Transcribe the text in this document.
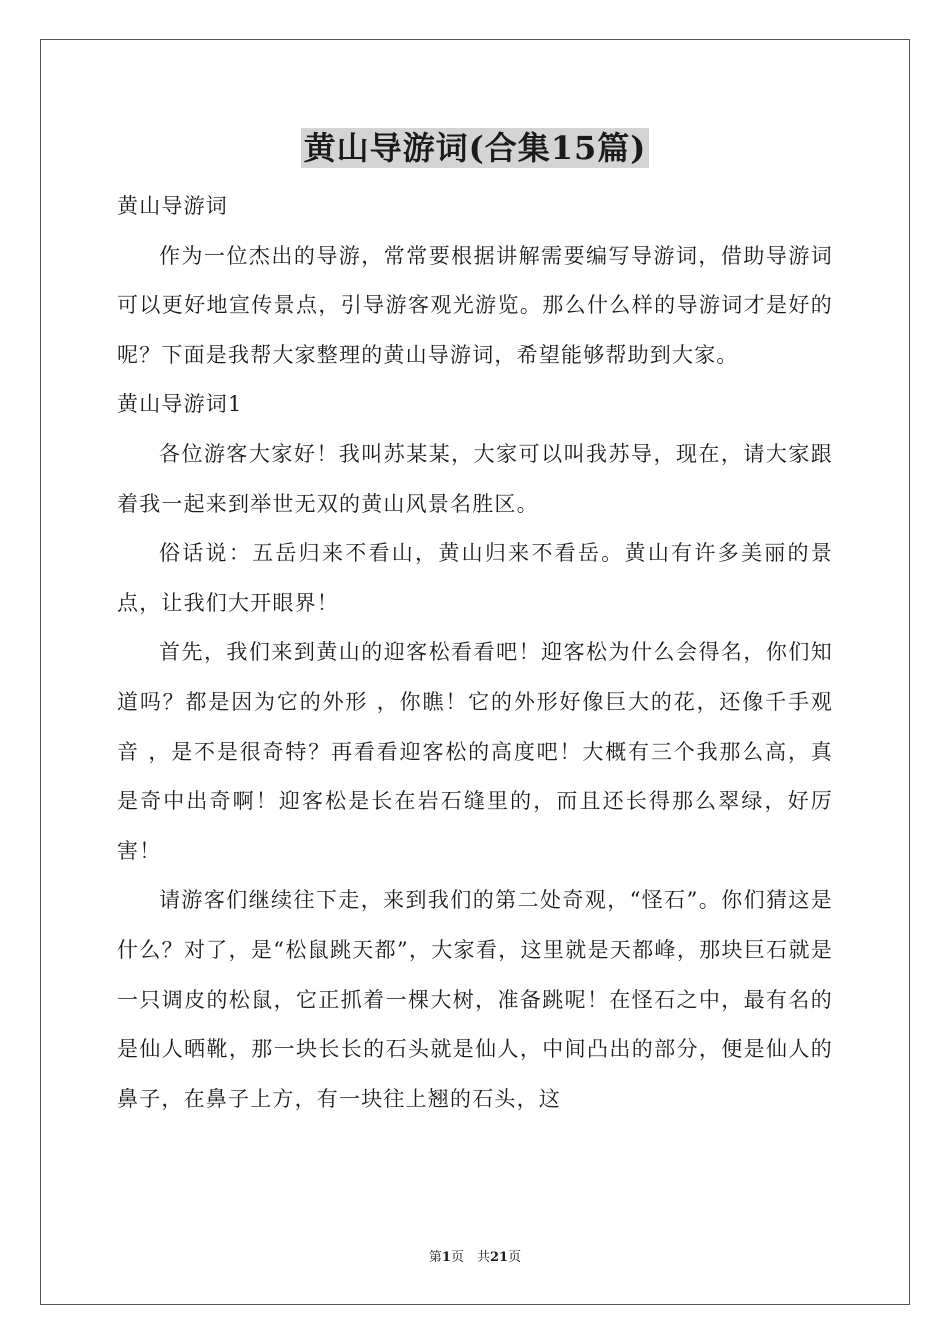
黄山导游词(合集15篇)

黄山导游词

作为一位杰出的导游，常常要根据讲解需要编写导游词，借助导游词可以更好地宣传景点，引导游客观光游览。那么什么样的导游词才是好的呢？下面是我帮大家整理的黄山导游词，希望能够帮助到大家。

黄山导游词1

各位游客大家好！我叫苏某某，大家可以叫我苏导，现在，请大家跟着我一起来到举世无双的黄山风景名胜区。

俗话说：五岳归来不看山，黄山归来不看岳。黄山有许多美丽的景点，让我们大开眼界！

首先，我们来到黄山的迎客松看看吧！迎客松为什么会得名，你们知道吗？都是因为它的外形 ，你瞧！它的外形好像巨大的花，还像千手观音 ，是不是很奇特？再看看迎客松的高度吧！大概有三个我那么高，真是奇中出奇啊！迎客松是长在岩石缝里的，而且还长得那么翠绿，好厉害！

请游客们继续往下走，来到我们的第二处奇观，“怪石”。你们猜这是什么？对了，是“松鼠跳天都”，大家看，这里就是天都峰，那块巨石就是一只调皮的松鼠，它正抓着一棵大树，准备跳呢！在怪石之中，最有名的是仙人晒靴，那一块长长的石头就是仙人，中间凸出的部分，便是仙人的鼻子，在鼻子上方，有一块往上翘的石头，这

第1页　共21页
